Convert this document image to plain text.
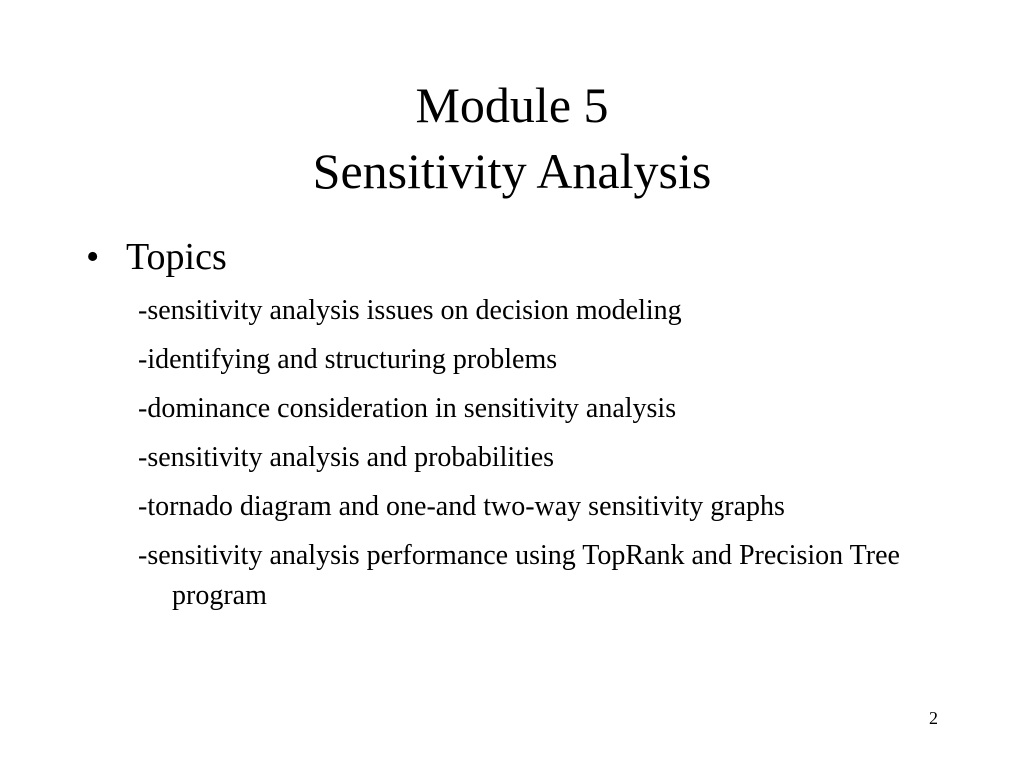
Module 5
Sensitivity Analysis
• Topics
-sensitivity analysis issues on decision modeling
-identifying and structuring problems
-dominance consideration in sensitivity analysis
-sensitivity analysis and probabilities
-tornado diagram and one-and two-way sensitivity graphs
-sensitivity analysis performance using TopRank and Precision Tree program
2
